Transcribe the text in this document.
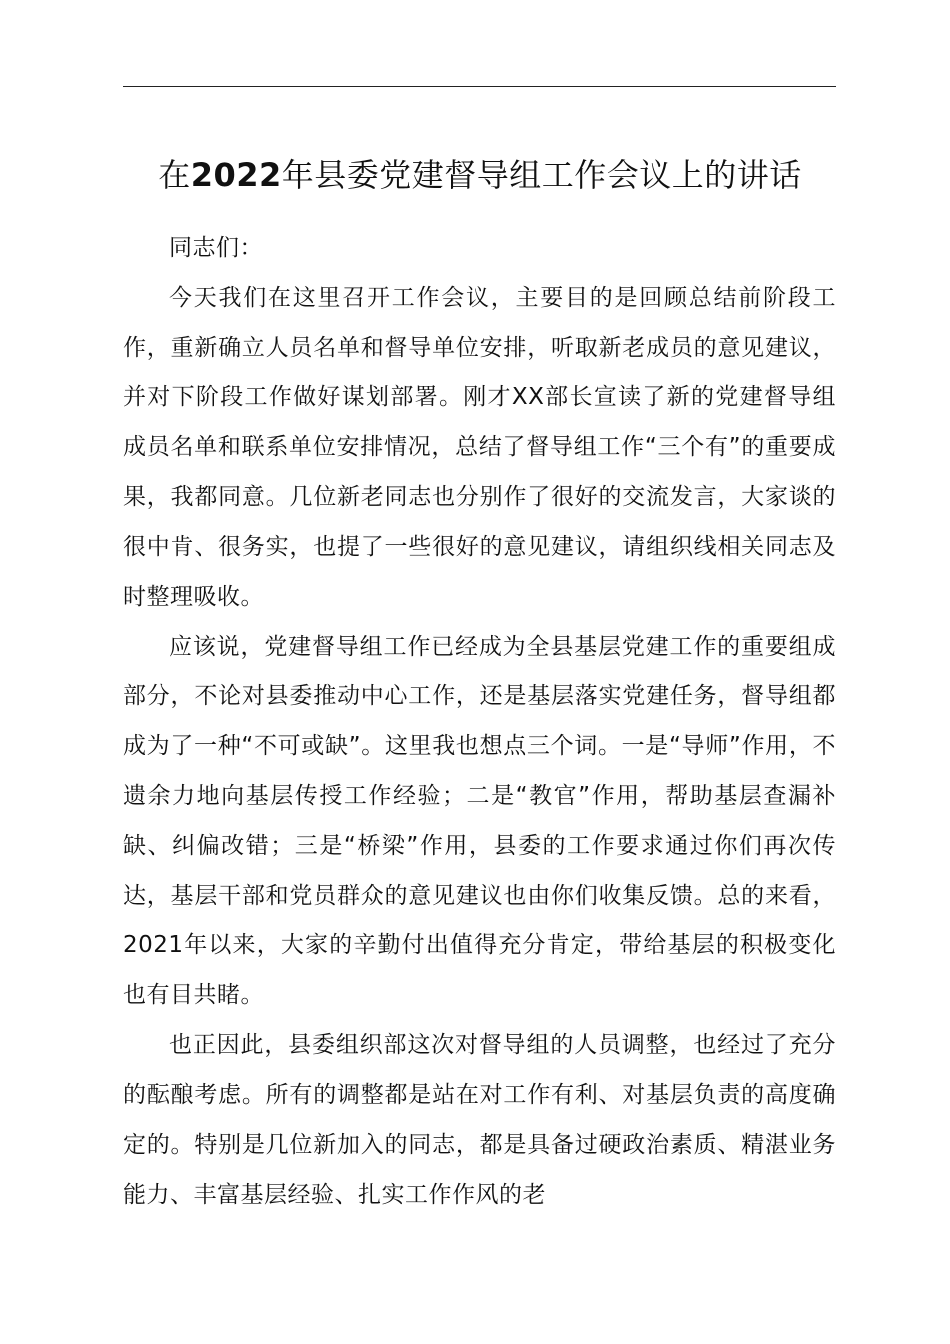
在2022年县委党建督导组工作会议上的讲话

同志们：

今天我们在这里召开工作会议，主要目的是回顾总结前阶段工作，重新确立人员名单和督导单位安排，听取新老成员的意见建议，并对下阶段工作做好谋划部署。刚才XX部长宣读了新的党建督导组成员名单和联系单位安排情况，总结了督导组工作“三个有”的重要成果，我都同意。几位新老同志也分别作了很好的交流发言，大家谈的很中肯、很务实，也提了一些很好的意见建议，请组织线相关同志及时整理吸收。

应该说，党建督导组工作已经成为全县基层党建工作的重要组成部分，不论对县委推动中心工作，还是基层落实党建任务，督导组都成为了一种“不可或缺”。这里我也想点三个词。一是“导师”作用，不遗余力地向基层传授工作经验；二是“教官”作用，帮助基层查漏补缺、纠偏改错；三是“桥梁”作用，县委的工作要求通过你们再次传达，基层干部和党员群众的意见建议也由你们收集反馈。总的来看，2021年以来，大家的辛勤付出值得充分肯定，带给基层的积极变化也有目共睹。

也正因此，县委组织部这次对督导组的人员调整，也经过了充分的酝酿考虑。所有的调整都是站在对工作有利、对基层负责的高度确定的。特别是几位新加入的同志，都是具备过硬政治素质、精湛业务能力、丰富基层经验、扎实工作作风的老
